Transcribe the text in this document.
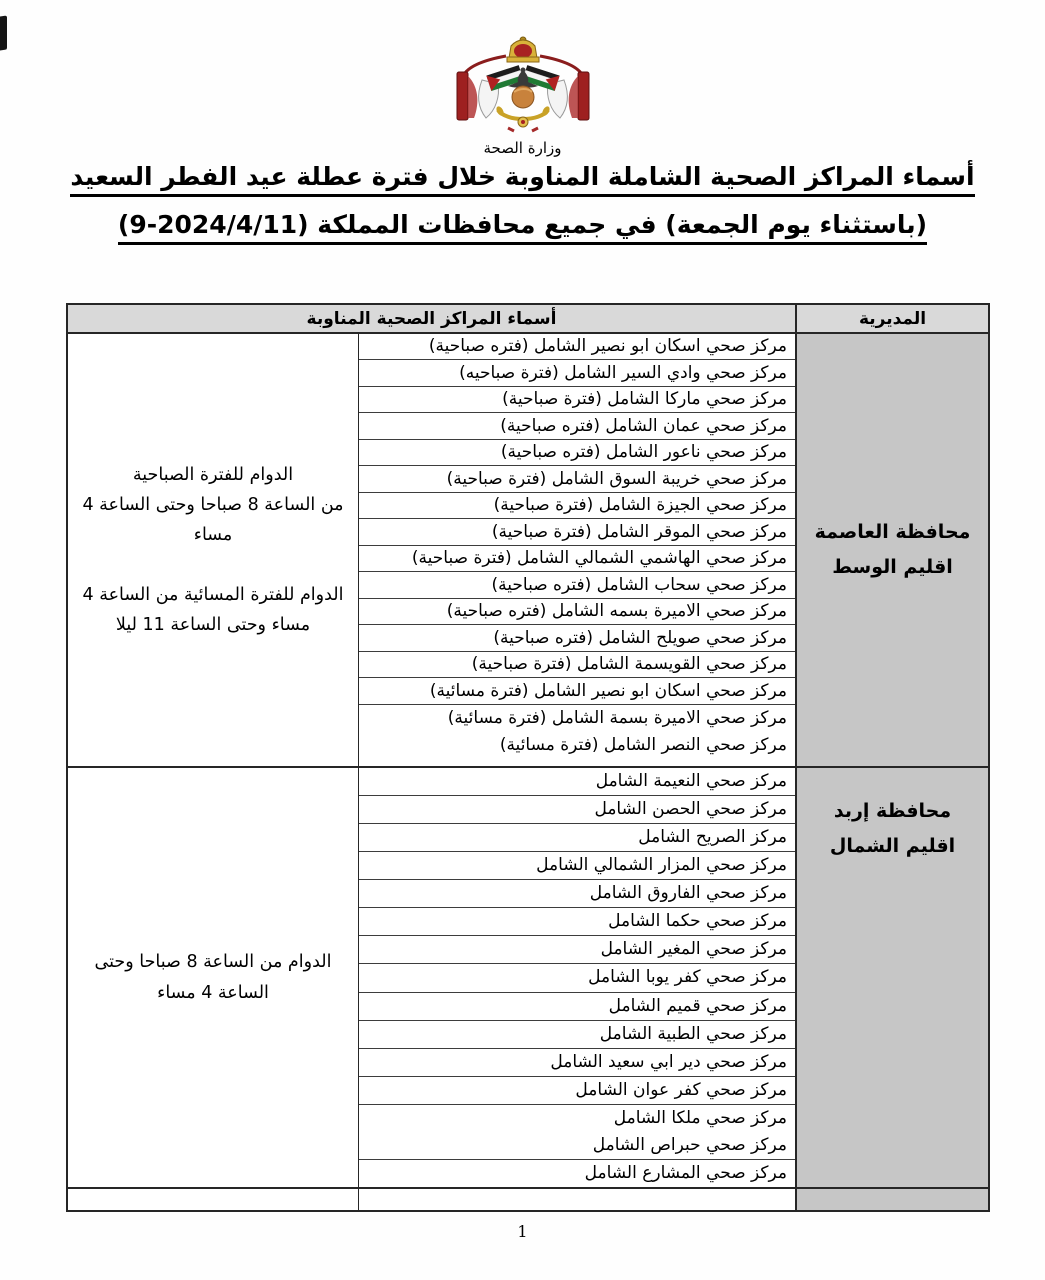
وزارة الصحة
أسماء المراكز الصحية الشاملة المناوبة خلال فترة عطلة عيد الفطر السعيد
(باستثناء يوم الجمعة) في جميع محافظات المملكة (2024/4/11-9)
المديرية
أسماء المراكز الصحية المناوبة
محافظة العاصمة
اقليم الوسط
مركز صحي اسكان ابو نصير الشامل (فتره صباحية)
مركز صحي وادي السير الشامل (فترة صباحيه)
مركز صحي ماركا الشامل (فترة صباحية)
مركز صحي عمان الشامل (فتره صباحية)
مركز صحي ناعور الشامل (فتره صباحية)
مركز صحي خريبة السوق الشامل (فترة صباحية)
مركز صحي الجيزة الشامل (فترة صباحية)
مركز صحي الموقر الشامل (فترة صباحية)
مركز صحي الهاشمي الشمالي الشامل (فترة صباحية)
مركز صحي سحاب الشامل (فتره صباحية)
مركز صحي الاميرة بسمه الشامل (فتره صباحية)
مركز صحي صويلح الشامل (فتره صباحية)
مركز صحي القويسمة الشامل (فترة صباحية)
مركز صحي اسكان ابو نصير الشامل (فترة مسائية)
مركز صحي الاميرة بسمة الشامل (فترة مسائية)
مركز صحي النصر الشامل (فترة مسائية)
الدوام للفترة الصباحية
من الساعة 8 صباحا وحتى الساعة 4
مساء

الدوام للفترة المسائية من الساعة 4
مساء وحتى الساعة 11 ليلا
محافظة إربد
اقليم الشمال
مركز صحي النعيمة الشامل
مركز صحي الحصن الشامل
مركز الصريح الشامل
مركز صحي المزار الشمالي الشامل
مركز صحي الفاروق الشامل
مركز صحي حكما الشامل
مركز صحي المغير الشامل
مركز صحي كفر يوبا الشامل
مركز صحي قميم الشامل
مركز صحي الطبية الشامل
مركز صحي دير ابي سعيد الشامل
مركز صحي كفر عوان الشامل
مركز صحي ملكا الشامل
مركز صحي حبراص الشامل
مركز صحي المشارع الشامل
الدوام من الساعة 8 صباحا وحتى
الساعة 4 مساء
1
